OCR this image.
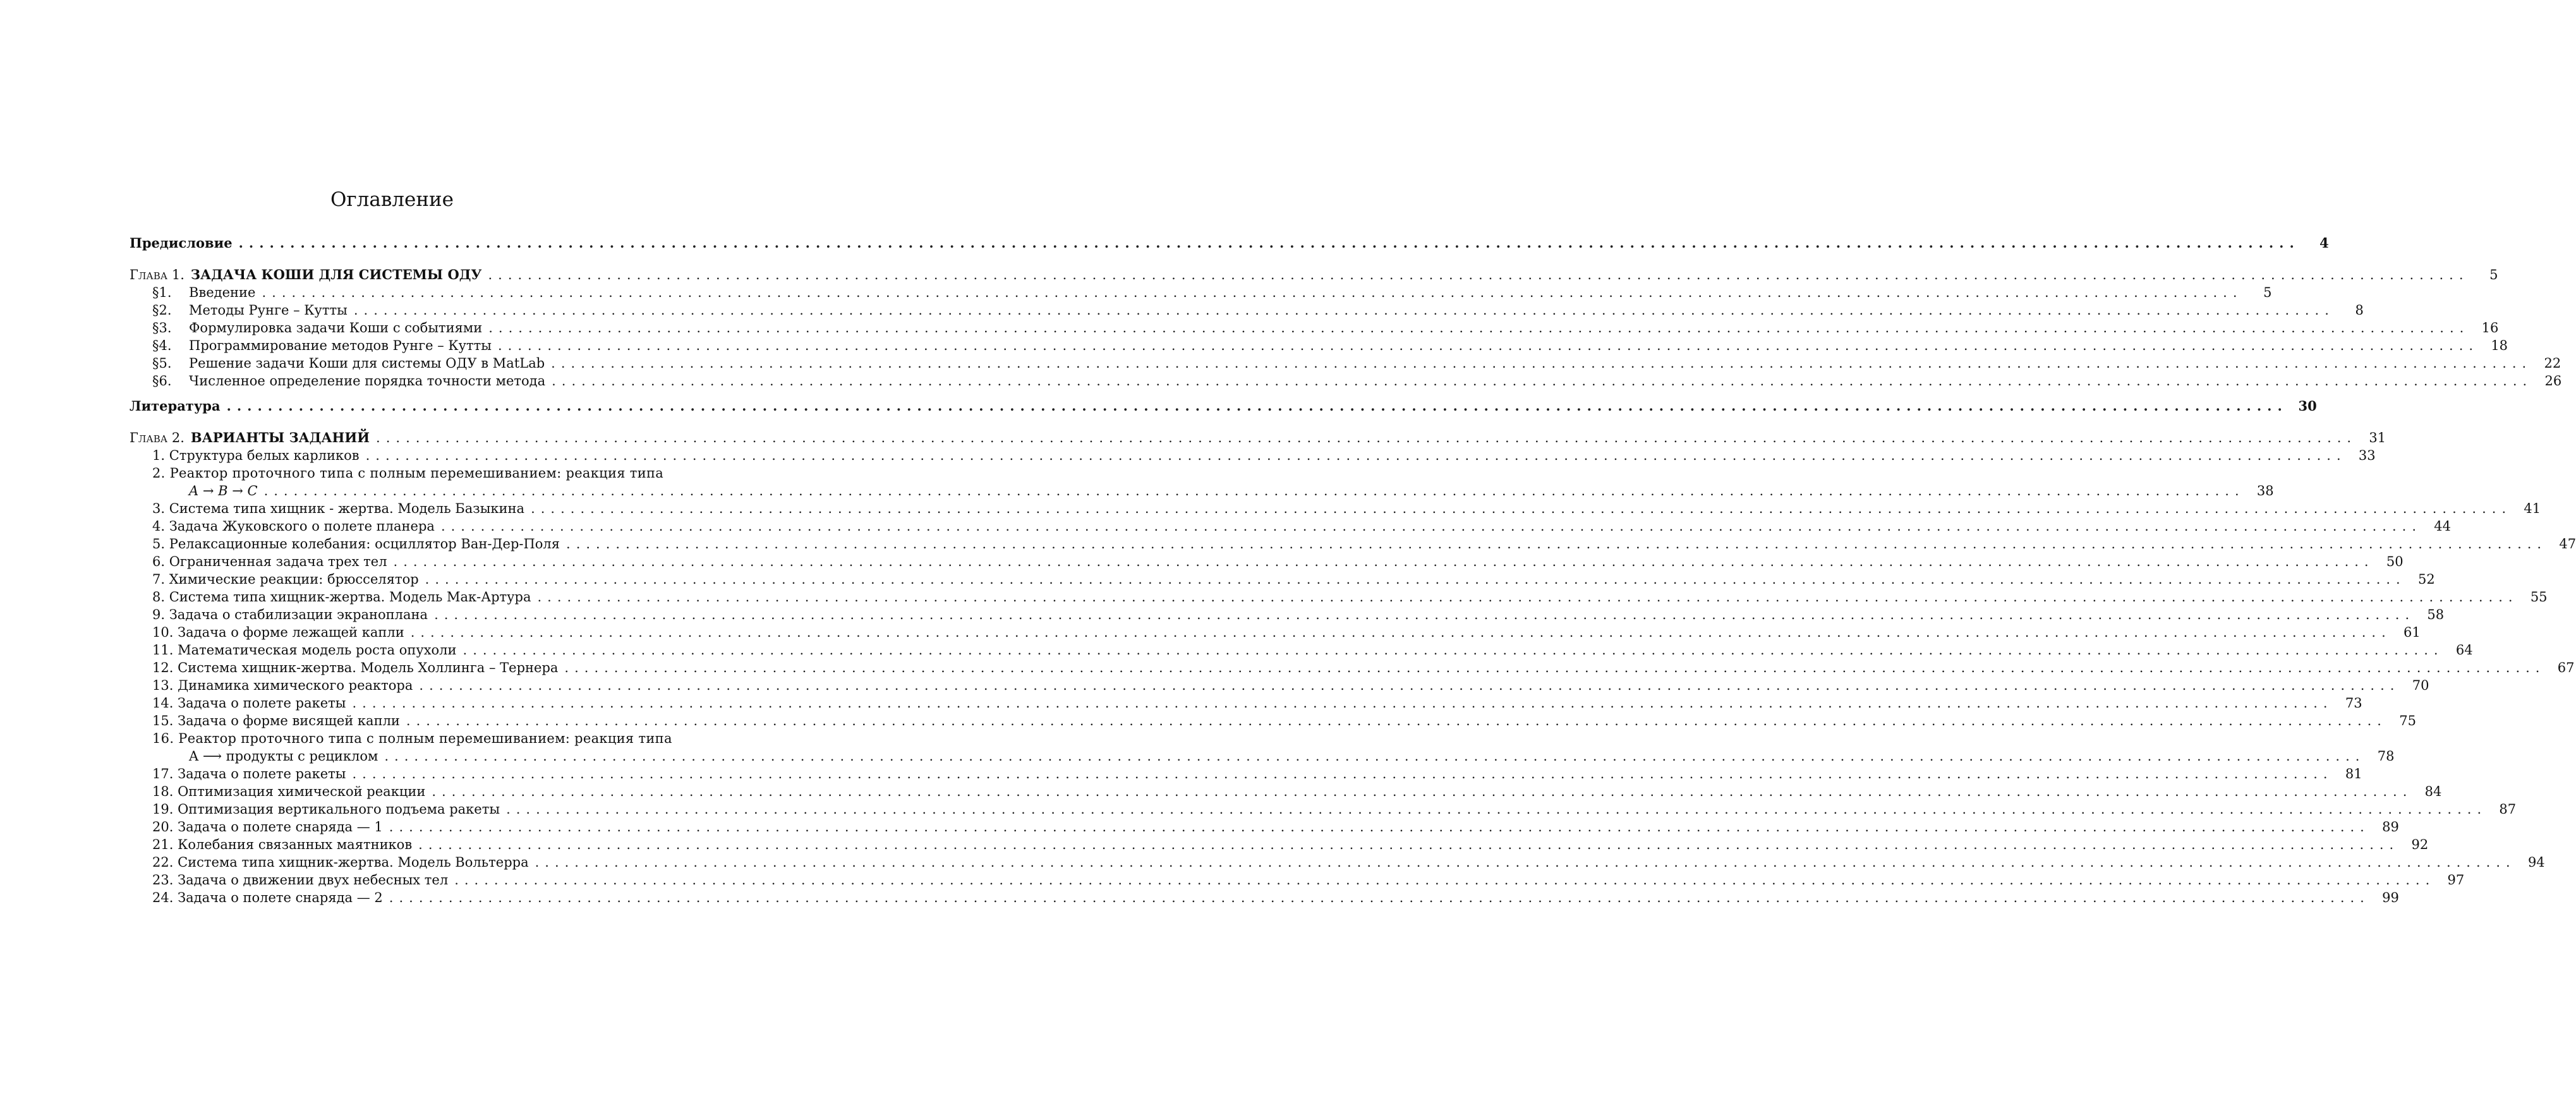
Оглавление
Предисловие ........................................................................................................................................................................................................	4
Глава 1. ЗАДАЧА КОШИ ДЛЯ СИСТЕМЫ ОДУ ........................................................................................................................................................................................................	5
§1. Введение ........................................................................................................................................................................................................	5
§2. Методы Рунге – Кутты ........................................................................................................................................................................................................	8
§3. Формулировка задачи Коши с событиями ........................................................................................................................................................................................................ 16
§4. Программирование методов Рунге – Кутты ........................................................................................................................................................................................................ 18
§5. Решение задачи Коши для системы ОДУ в MatLab ........................................................................................................................................................................................................ 22
§6. Численное определение порядка точности метода ........................................................................................................................................................................................................ 26
Литература ........................................................................................................................................................................................................ 30
Глава 2. ВАРИАНТЫ ЗАДАНИЙ ........................................................................................................................................................................................................ 31
1. Структура белых карликов ........................................................................................................................................................................................................ 33
2. Реактор проточного типа с полным перемешиванием: реакция типа
A → B → C ........................................................................................................................................................................................................ 38
3. Система типа хищник - жертва. Модель Базыкина ........................................................................................................................................................................................................ 41
4. Задача Жуковского о полете планера ........................................................................................................................................................................................................ 44
5. Релаксационные колебания: осциллятор Ван-Дер-Поля ........................................................................................................................................................................................................ 47
6. Ограниченная задача трех тел ........................................................................................................................................................................................................ 50
7. Химические реакции: брюсселятор ........................................................................................................................................................................................................ 52
8. Система типа хищник-жертва. Модель Мак-Артура ........................................................................................................................................................................................................ 55
9. Задача о стабилизации экраноплана ........................................................................................................................................................................................................ 58
10. Задача о форме лежащей капли ........................................................................................................................................................................................................ 61
11. Математическая модель роста опухоли ........................................................................................................................................................................................................ 64
12. Система хищник-жертва. Модель Холлинга – Тернера ........................................................................................................................................................................................................ 67
13. Динамика химического реактора ........................................................................................................................................................................................................ 70
14. Задача о полете ракеты ........................................................................................................................................................................................................ 73
15. Задача о форме висящей капли ........................................................................................................................................................................................................ 75
16. Реактор проточного типа с полным перемешиванием: реакция типа
A ⟶ продукты с рециклом ........................................................................................................................................................................................................ 78
17. Задача о полете ракеты ........................................................................................................................................................................................................ 81
18. Оптимизация химической реакции ........................................................................................................................................................................................................ 84
19. Оптимизация вертикального подъема ракеты ........................................................................................................................................................................................................ 87
20. Задача о полете снаряда — 1 ........................................................................................................................................................................................................ 89
21. Колебания связанных маятников ........................................................................................................................................................................................................ 92
22. Система типа хищник-жертва. Модель Вольтерра ........................................................................................................................................................................................................ 94
23. Задача о движении двух небесных тел ........................................................................................................................................................................................................ 97
24. Задача о полете снаряда — 2 ........................................................................................................................................................................................................ 99
